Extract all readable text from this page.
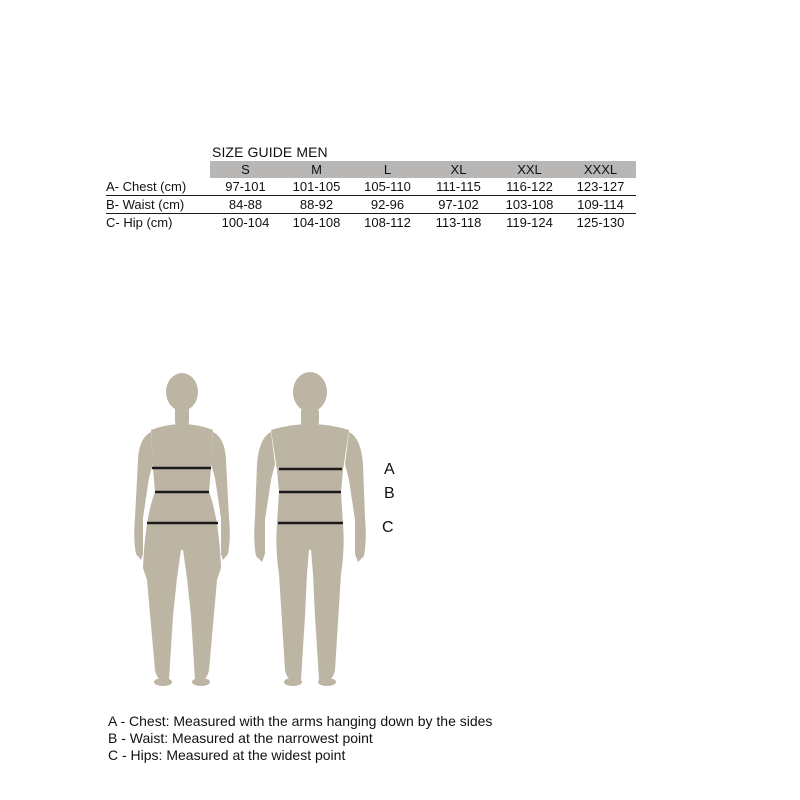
SIZE GUIDE MEN
	S	M	L	XL	XXL	XXXL
A- Chest (cm)	97-101	101-105	105-110	111-115	116-122	123-127
B- Waist (cm)	84-88	88-92	92-96	97-102	103-108	109-114
C- Hip (cm)	100-104	104-108	108-112	113-118	119-124	125-130
A
B
C
A - Chest: Measured with the arms hanging down by the sides
B - Waist: Measured at the narrowest point
C - Hips: Measured at the widest point
